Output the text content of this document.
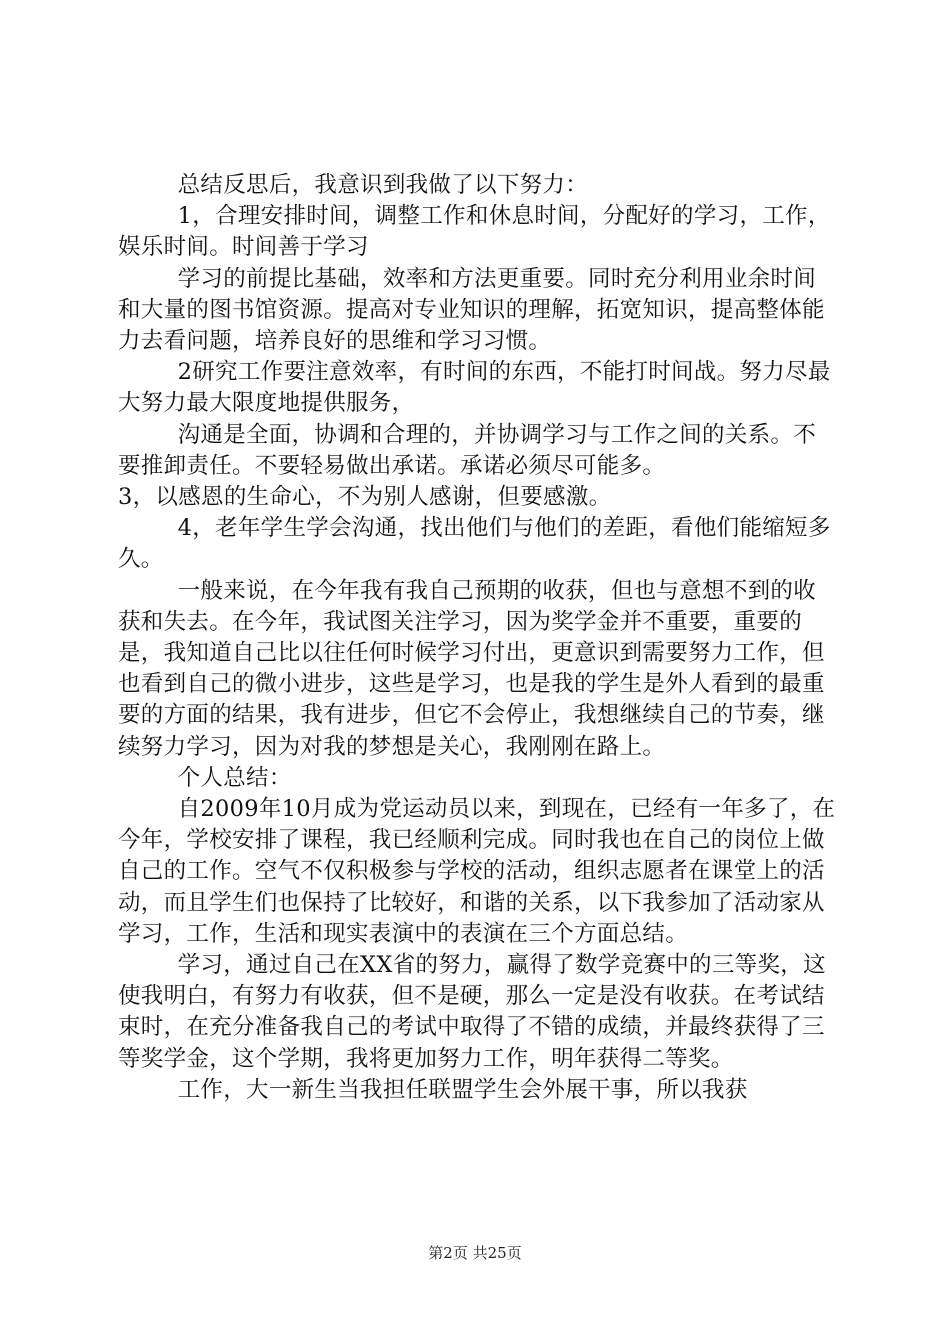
总结反思后，我意识到我做了以下努力：

1，合理安排时间，调整工作和休息时间，分配好的学习，工作，娱乐时间。时间善于学习

学习的前提比基础，效率和方法更重要。同时充分利用业余时间和大量的图书馆资源。提高对专业知识的理解，拓宽知识，提高整体能力去看问题，培养良好的思维和学习习惯。

2研究工作要注意效率，有时间的东西，不能打时间战。努力尽最大努力最大限度地提供服务，

沟通是全面，协调和合理的，并协调学习与工作之间的关系。不要推卸责任。不要轻易做出承诺。承诺必须尽可能多。

3，以感恩的生命心，不为别人感谢，但要感激。

4，老年学生学会沟通，找出他们与他们的差距，看他们能缩短多久。

一般来说，在今年我有我自己预期的收获，但也与意想不到的收获和失去。在今年，我试图关注学习，因为奖学金并不重要，重要的是，我知道自己比以往任何时候学习付出，更意识到需要努力工作，但也看到自己的微小进步，这些是学习，也是我的学生是外人看到的最重要的方面的结果，我有进步，但它不会停止，我想继续自己的节奏，继续努力学习，因为对我的梦想是关心，我刚刚在路上。

个人总结：

自2009年10月成为党运动员以来，到现在，已经有一年多了，在今年，学校安排了课程，我已经顺利完成。同时我也在自己的岗位上做自己的工作。空气不仅积极参与学校的活动，组织志愿者在课堂上的活动，而且学生们也保持了比较好，和谐的关系，以下我参加了活动家从学习，工作，生活和现实表演中的表演在三个方面总结。

学习，通过自己在XX省的努力，赢得了数学竞赛中的三等奖，这使我明白，有努力有收获，但不是硬，那么一定是没有收获。在考试结束时，在充分准备我自己的考试中取得了不错的成绩，并最终获得了三等奖学金，这个学期，我将更加努力工作，明年获得二等奖。

工作，大一新生当我担任联盟学生会外展干事，所以我获

第2页 共25页
